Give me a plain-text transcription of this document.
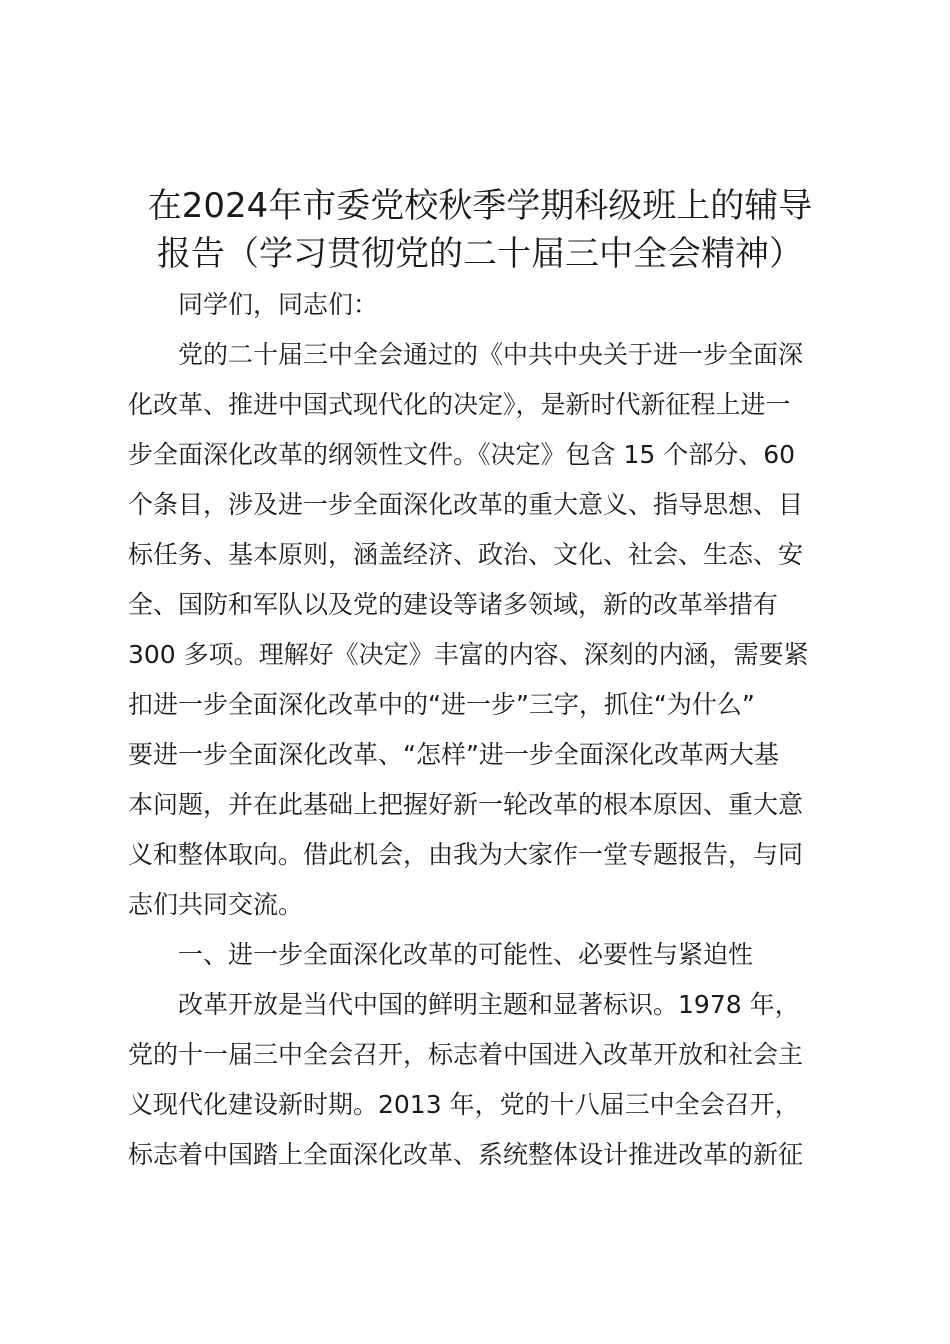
在2024年市委党校秋季学期科级班上的辅导
报告（学习贯彻党的二十届三中全会精神）

同学们，同志们：

党的二十届三中全会通过的《中共中央关于进一步全面深

化改革、推进中国式现代化的决定》，是新时代新征程上进一

步全面深化改革的纲领性文件。《决定》包含 15 个部分、60

个条目，涉及进一步全面深化改革的重大意义、指导思想、目

标任务、基本原则，涵盖经济、政治、文化、社会、生态、安

全、国防和军队以及党的建设等诸多领域，新的改革举措有

300 多项。理解好《决定》丰富的内容、深刻的内涵，需要紧

扣进一步全面深化改革中的“进一步”三字，抓住“为什么”

要进一步全面深化改革、“怎样”进一步全面深化改革两大基

本问题，并在此基础上把握好新一轮改革的根本原因、重大意

义和整体取向。借此机会，由我为大家作一堂专题报告，与同

志们共同交流。

一、进一步全面深化改革的可能性、必要性与紧迫性

改革开放是当代中国的鲜明主题和显著标识。1978 年，

党的十一届三中全会召开，标志着中国进入改革开放和社会主

义现代化建设新时期。2013 年，党的十八届三中全会召开，

标志着中国踏上全面深化改革、系统整体设计推进改革的新征
